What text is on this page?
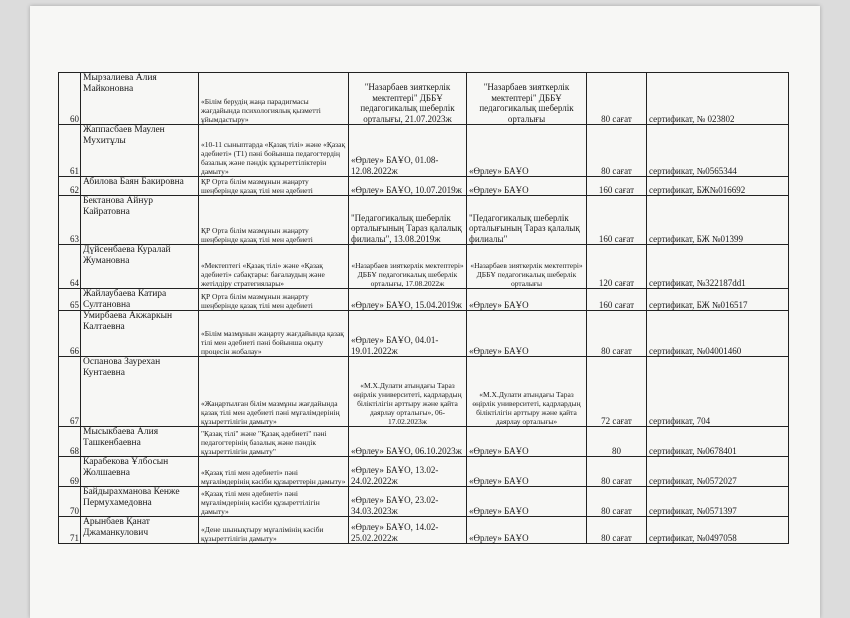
60	Мырзалиева Алия Майконовна	«Білім берудің жаңа парадигмасы жағдайында психологиялық қызметті ұйымдастыру»	"Назарбаев зияткерлік мектептері" ДББҰ педагогикалық шеберлік орталығы, 21.07.2023ж	"Назарбаев зияткерлік мектептері" ДББҰ педагогикалық шеберлік орталығы	80 сағат	сертификат, № 023802
61	Жаппасбаев Маулен Мухитұлы	«10-11 сыныптарда «Қазақ тілі» және «Қазақ әдебиеті» (Т1) пәні бойынша педагогтердің базалық және пәндік құзыреттіліктерін дамыту»	«Өрлеу» БАҰО, 01.08-12.08.2022ж	«Өрлеу» БАҰО	80 сағат	сертификат, №0565344
62	Абилова Баян Бакировна	ҚР Орта білім мазмұнын жаңарту шеңберінде қазақ тілі мен әдебиеті	«Өрлеу» БАҰО, 10.07.2019ж	«Өрлеу» БАҰО	160 сағат	сертификат, БЖ№016692
63	Бектанова Айнур Кайратовна	ҚР Орта білім мазмұнын жаңарту шеңберінде қазақ тілі мен әдебиеті	"Педагогикалық шеберлік орталығының Тараз қалалық филиалы", 13.08.2019ж	"Педагогикалық шеберлік орталығының Тараз қалалық филиалы"	160 сағат	сертификат, БЖ №01399
64	Дүйсенбаева Куралай Жумановна	«Мектептегі «Қазақ тілі» және «Қазақ әдебиеті» сабақтары: бағалаудың және жетілдіру стратегиялары»	«Назарбаев зияткерлік мектептері» ДББҰ педагогикалық шеберлік орталығы, 17.08.2022ж	«Назарбаев зияткерлік мектептері» ДББҰ педагогикалық шеберлік орталығы	120 сағат	сертификат, №322187dd1
65	Жайлаубаева Катира Султановна	ҚР Орта білім мазмұнын жаңарту шеңберінде қазақ тілі мен әдебиеті	«Өрлеу» БАҰО, 15.04.2019ж	«Өрлеу» БАҰО	160 сағат	сертификат, БЖ №016517
66	Умирбаева Акжаркын Калтаевна	«Білім мазмұнын жаңарту жағдайында қазақ тілі мен әдебиеті пәні бойынша оқыту процесін жобалау»	«Өрлеу» БАҰО, 04.01-19.01.2022ж	«Өрлеу» БАҰО	80 сағат	сертификат, №04001460
67	Оспанова Заурехан Кунтаевна	«Жаңартылған білім мазмұны жағдайында қазақ тілі мен әдебиеті пәні мұғалімдерінің құзыреттілігін дамыту»	«М.Х.Дулати атындағы Тараз өңірлік университеті, кадрлардың біліктілігін арттыру және қайта даярлау орталығы», 06-17.02.2023ж	«М.Х.Дулати атындағы Тараз өңірлік университеті, кадрлардың біліктілігін арттыру және қайта даярлау орталығы»	72 сағат	сертификат, 704
68	Мысыкбаева Алия Ташкенбаевна	"Қазақ тілі" және "Қазақ әдебиеті" пәні педагогтерінің базалық және пәндік құзыреттілігін дамыту"	«Өрлеу» БАҰО, 06.10.2023ж	«Өрлеу» БАҰО	80	сертификат, №0678401
69	Карабекова Ұлбосын Жолшаевна	«Қазақ тілі мен әдебиеті» пәні мұғалімдерінің кәсіби құзыреттерін дамыту»	«Өрлеу» БАҰО, 13.02-24.02.2022ж	«Өрлеу» БАҰО	80 сағат	сертификат, №0572027
70	Байдырахманова Кенже Пермухамедовна	«Қазақ тілі мен әдебиеті» пәні мұғалімдерінің кәсіби құзыреттілігін дамыту»	«Өрлеу» БАҰО, 23.02-34.03.2023ж	«Өрлеу» БАҰО	80 сағат	сертификат, №0571397
71	Арынбаев Қанат Джаманкулович	«Дене шынықтыру мұғалімінің кәсіби құзыреттілігін дамыту»	«Өрлеу» БАҰО, 14.02-25.02.2022ж	«Өрлеу» БАҰО	80 сағат	сертификат, №0497058
